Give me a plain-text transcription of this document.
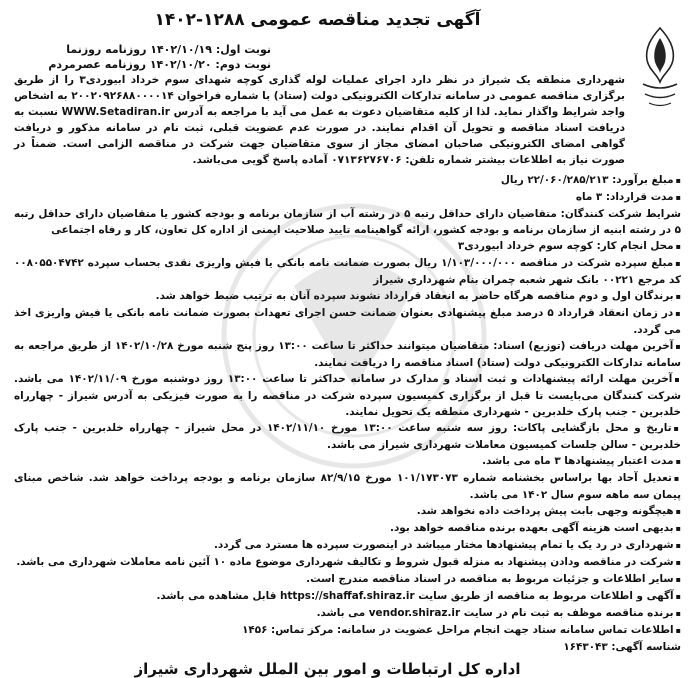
آگهی تجدید مناقصه عمومی ۱۲۸۸-۱۴۰۲
نوبت اول: ۱۴۰۲/۱۰/۱۹ روزنامه روزنما
نوبت دوم: ۱۴۰۲/۱۰/۲۰ روزنامه عصرمردم
شهرداری منطقه یک شیراز در نظر دارد اجرای عملیات لوله گذاری کوچه شهدای سوم خرداد ابیوردی۳ را از طریق برگزاری مناقصه عمومی در سامانه تدارکات الکترونیکی دولت (ستاد) با شماره فراخوان ۲۰۰۲۰۹۲۶۸۸۰۰۰۰۱۴ به اشخاص واجد شرایط واگذار نماید. لذا از کلیه متقاضیان دعوت به عمل می آید با مراجعه به آدرس WWW.Setadiran.ir نسبت به دریافت اسناد مناقصه و تحویل آن اقدام نمایند. در صورت عدم عضویت قبلی، ثبت نام در سامانه مذکور و دریافت گواهی امضای الکترونیکی صاحبان امضای مجاز از سوی متقاضیان جهت شرکت در مناقصه الزامی است. ضمناً در صورت نیاز به اطلاعات بیشتر شماره تلفن: ۰۷۱۳۶۲۷۶۷۰۶ آماده پاسخ گویی می‌باشد.

▪ مبلغ برآورد: ۲۲/۰۶۰/۲۸۵/۲۱۳ ریال

▪ مدت قرارداد: ۳ ماه

شرایط شرکت کنندگان: متقاضیان دارای حداقل رتبه ۵ در رشته آب از سازمان برنامه و بودجه کشور یا متقاضیان دارای حداقل رتبه ۵ در رشته ابنیه از سازمان برنامه و بودجه کشور، ارائه گواهینامه تایید صلاحیت ایمنی از اداره کل تعاون، کار و رفاه اجتماعی

▪ محل انجام کار: کوچه سوم خرداد ابیوردی۳

▪ مبلغ سپرده شرکت در مناقصه ۱/۱۰۳/۰۰۰/۰۰۰ ریال بصورت ضمانت نامه بانکی یا فیش واریزی نقدی بحساب سپرده ۰۰۸۰۵۵۰۴۷۴۲ کد مرجع ۰۰۲۲۱ بانک شهر شعبه چمران بنام شهرداری شیراز

▪ برندگان اول و دوم مناقصه هرگاه حاضر به انعقاد قرارداد نشوند سپرده آنان به ترتیب ضبط خواهد شد.

▪ در زمان انعقاد قرارداد ۵ درصد مبلغ پیشنهادی بعنوان ضمانت حسن اجرای تعهدات بصورت ضمانت نامه بانکی یا فیش واریزی اخذ می گردد.

▪ آخرین مهلت دریافت (توزیع) اسناد: متقاضیان میتوانند حداکثر تا ساعت ۱۳:۰۰ روز پنج شنبه مورخ ۱۴۰۲/۱۰/۲۸ از طریق مراجعه به سامانه تدارکات الکترونیکی دولت (ستاد) اسناد مناقصه را دریافت نمایند.

▪ آخرین مهلت ارائه پیشنهادات و ثبت اسناد و مدارک در سامانه حداکثر تا ساعت ۱۳:۰۰ روز دوشنبه مورخ ۱۴۰۲/۱۱/۰۹ می باشد. شرکت کنندگان می‌بایست تا قبل از برگزاری کمیسیون سپرده شرکت در مناقصه را به صورت فیزیکی به آدرس شیراز - چهارراه خلدبرین - جنب پارک خلدبرین - شهرداری منطقه یک تحویل نمایند.

▪ تاریخ و محل بازگشایی پاکات: روز سه شنبه ساعت ۱۳:۰۰ مورخ ۱۴۰۲/۱۱/۱۰ در محل شیراز - چهارراه خلدبرین - جنب پارک خلدبرین - سالن جلسات کمیسیون معاملات شهرداری شیراز می باشد.

▪ مدت اعتبار پیشنهادها ۳ ماه می باشد.

▪ تعدیل آحاد بها براساس بخشنامه شماره ۱۰۱/۱۷۳۰۷۳ مورخ ۸۲/۹/۱۵ سازمان برنامه و بودجه پرداخت خواهد شد. شاخص مبنای پیمان سه ماهه سوم سال ۱۴۰۲ می باشد.

▪ هیچگونه وجهی بابت پیش پرداخت داده نخواهد شد.

▪ بدیهی است هزینه آگهی بعهده برنده مناقصه خواهد بود.

▪ شهرداری در رد یک یا تمام پیشنهادها مختار میباشد در اینصورت سپرده ها مسترد می گردد.

▪ شرکت در مناقصه ودادن پیشنهاد به منزله قبول شروط و تکالیف شهرداری موضوع ماده ۱۰ آئین نامه معاملات شهرداری می باشد.

▪ سایر اطلاعات و جزئیات مربوط به مناقصه در اسناد مناقصه مندرج است.

▪ آگهی و اطلاعات مربوط به مناقصه از طریق سایت https://shaffaf.shiraz.ir قابل مشاهده می باشد.

▪ برنده مناقصه موظف به ثبت نام در سایت vendor.shiraz.ir می باشد.

▪ اطلاعات تماس سامانه ستاد جهت انجام مراحل عضویت در سامانه: مرکز تماس: ۱۴۵۶

شناسه آگهی: ۱۶۴۳۰۴۳

اداره کل ارتباطات و امور بین الملل شهرداری شیراز
